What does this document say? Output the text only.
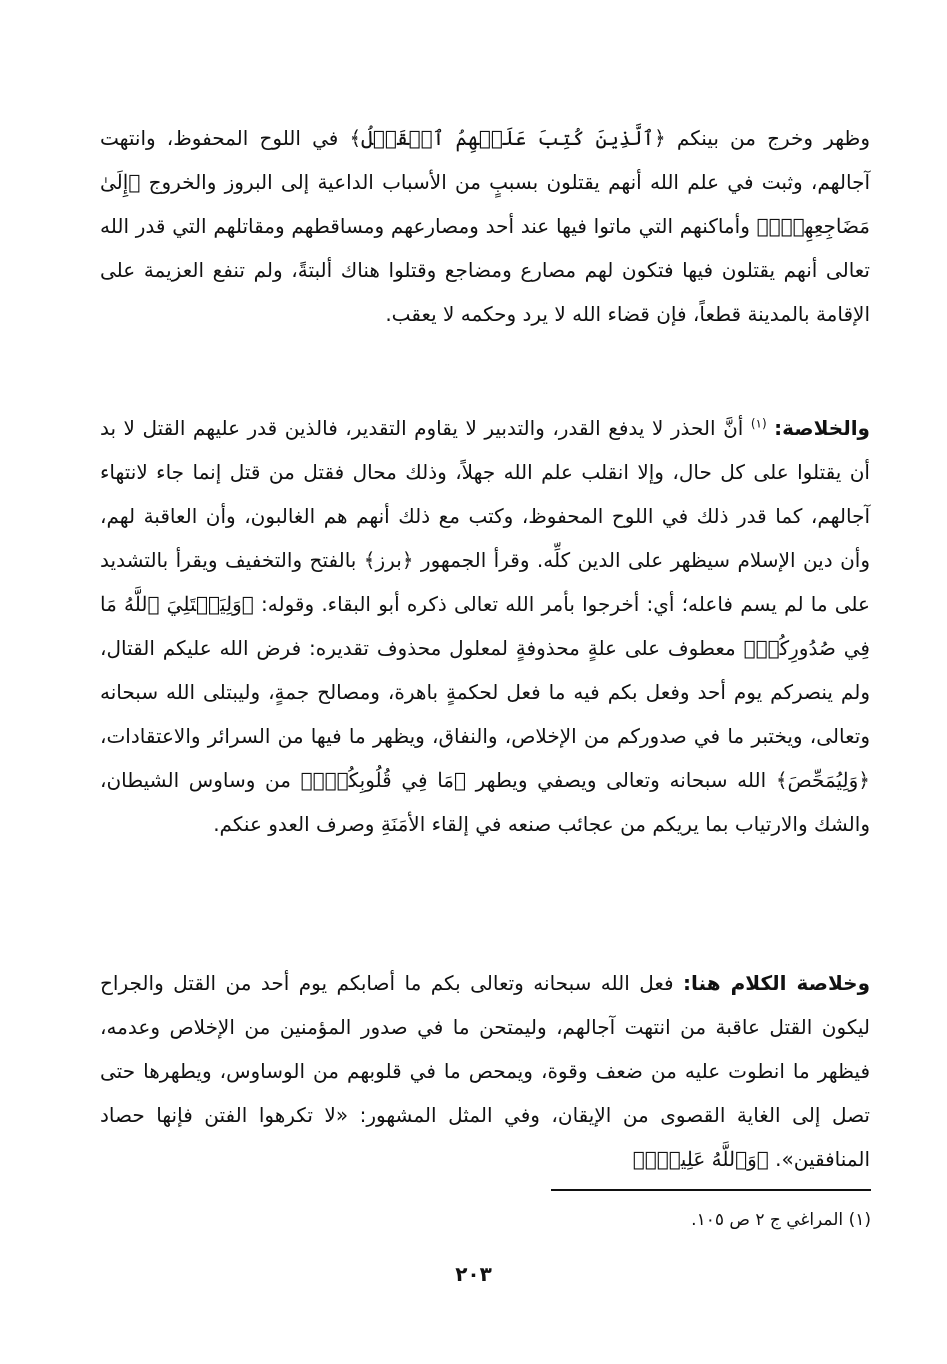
وظهر وخرج من بينكم ﴿ٱلَّذِينَ كُتِبَ عَلَيۡهِمُ ٱلۡقَتۡلُ﴾ في اللوح المحفوظ، وانتهت آجالهم، وثبت في علم الله أنهم يقتلون بسببٍ من الأسباب الداعية إلى البروز والخروج ﴿إِلَىٰ مَضَاجِعِهِمۡۖ﴾ وأماكنهم التي ماتوا فيها عند أحد ومصارعهم ومساقطهم ومقاتلهم التي قدر الله تعالى أنهم يقتلون فيها فتكون لهم مصارع ومضاجع وقتلوا هناك ألبتةً، ولم تنفع العزيمة على الإقامة بالمدينة قطعاً، فإن قضاء الله لا يرد وحكمه لا يعقب.

والخلاصة: $^{(١)}$ أنَّ الحذر لا يدفع القدر، والتدبير لا يقاوم التقدير، فالذين قدر عليهم القتل لا بد أن يقتلوا على كل حال، وإلا انقلب علم الله جهلاً، وذلك محال فقتل من قتل إنما جاء لانتهاء آجالهم، كما قدر ذلك في اللوح المحفوظ، وكتب مع ذلك أنهم هم الغالبون، وأن العاقبة لهم، وأن دين الإسلام سيظهر على الدين كلِّه. وقرأ الجمهور ﴿برز﴾ بالفتح والتخفيف ويقرأ بالتشديد على ما لم يسم فاعله؛ أي: أخرجوا بأمر الله تعالى ذكره أبو البقاء. وقوله: ﴿وَلِيَبۡتَلِيَ ٱللَّهُ مَا فِي صُدُورِكُمۡ﴾ معطوف على علةٍ محذوفةٍ لمعلول محذوف تقديره: فرض الله عليكم القتال، ولم ينصركم يوم أحد وفعل بكم فيه ما فعل لحكمةٍ باهرة، ومصالح جمةٍ، وليبتلى الله سبحانه وتعالى، ويختبر ما في صدوركم من الإخلاص، والنفاق، ويظهر ما فيها من السرائر والاعتقادات، ﴿وَلِيُمَحِّصَ﴾ الله سبحانه وتعالى ويصفي ويطهر ﴿مَا فِي قُلُوبِكُمۡۚ﴾ من وساوس الشيطان، والشك والارتياب بما يريكم من عجائب صنعه في إلقاء الأمَنَةِ وصرف العدو عنكم.

وخلاصة الكلام هنا: فعل الله سبحانه وتعالى بكم ما أصابكم يوم أحد من القتل والجراح ليكون القتل عاقبة من انتهت آجالهم، وليمتحن ما في صدور المؤمنين من الإخلاص وعدمه، فيظهر ما انطوت عليه من ضعف وقوة، ويمحص ما في قلوبهم من الوساوس، ويطهرها حتى تصل إلى الغاية القصوى من الإيقان، وفي المثل المشهور: «لا تكرهوا الفتن فإنها حصاد المنافقين». ﴿وَٱللَّهُ عَلِيمُۢ﴾

(١) المراغي ج ٢ ص ١٠٥.
٢٠٣
